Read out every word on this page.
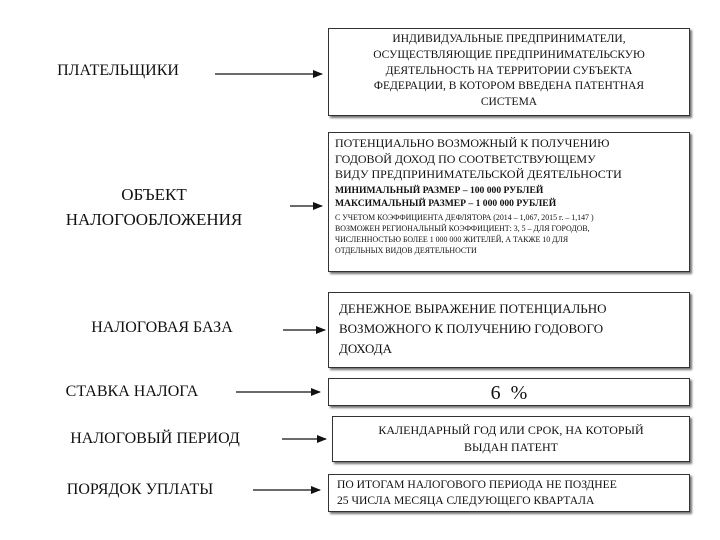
ПЛАТЕЛЬЩИКИ
ИНДИВИДУАЛЬНЫЕ ПРЕДПРИНИМАТЕЛИ,
ОСУЩЕСТВЛЯЮЩИЕ ПРЕДПРИНИМАТЕЛЬСКУЮ
ДЕЯТЕЛЬНОСТЬ НА ТЕРРИТОРИИ СУБЪЕКТА
ФЕДЕРАЦИИ, В КОТОРОМ ВВЕДЕНА ПАТЕНТНАЯ
СИСТЕМА
ОБЪЕКТ
НАЛОГООБЛОЖЕНИЯ
ПОТЕНЦИАЛЬНО ВОЗМОЖНЫЙ К ПОЛУЧЕНИЮ
ГОДОВОЙ ДОХОД ПО СООТВЕТСТВУЮЩЕМУ
ВИДУ ПРЕДПРИНИМАТЕЛЬСКОЙ ДЕЯТЕЛЬНОСТИ
МИНИМАЛЬНЫЙ РАЗМЕР – 100 000 РУБЛЕЙ
МАКСИМАЛЬНЫЙ РАЗМЕР – 1 000 000 РУБЛЕЙ
С УЧЕТОМ КОЭФФИЦИЕНТА ДЕФЛЯТОРА (2014 – 1,067, 2015 г. – 1,147 )
ВОЗМОЖЕН РЕГИОНАЛЬНЫЙ КОЭФФИЦИЕНТ: 3, 5 – ДЛЯ ГОРОДОВ,
ЧИСЛЕННОСТЬЮ БОЛЕЕ 1 000 000 ЖИТЕЛЕЙ, А ТАКЖЕ 10 ДЛЯ
ОТДЕЛЬНЫХ ВИДОВ ДЕЯТЕЛЬНОСТИ
НАЛОГОВАЯ БАЗА
ДЕНЕЖНОЕ ВЫРАЖЕНИЕ ПОТЕНЦИАЛЬНО
ВОЗМОЖНОГО К ПОЛУЧЕНИЮ ГОДОВОГО
ДОХОДА
СТАВКА НАЛОГА	6  %
НАЛОГОВЫЙ ПЕРИОД	КАЛЕНДАРНЫЙ ГОД ИЛИ СРОК, НА КОТОРЫЙ
ВЫДАН ПАТЕНТ
ПОРЯДОК УПЛАТЫ	ПО ИТОГАМ НАЛОГОВОГО ПЕРИОДА НЕ ПОЗДНЕЕ
25 ЧИСЛА МЕСЯЦА СЛЕДУЮЩЕГО КВАРТАЛА
